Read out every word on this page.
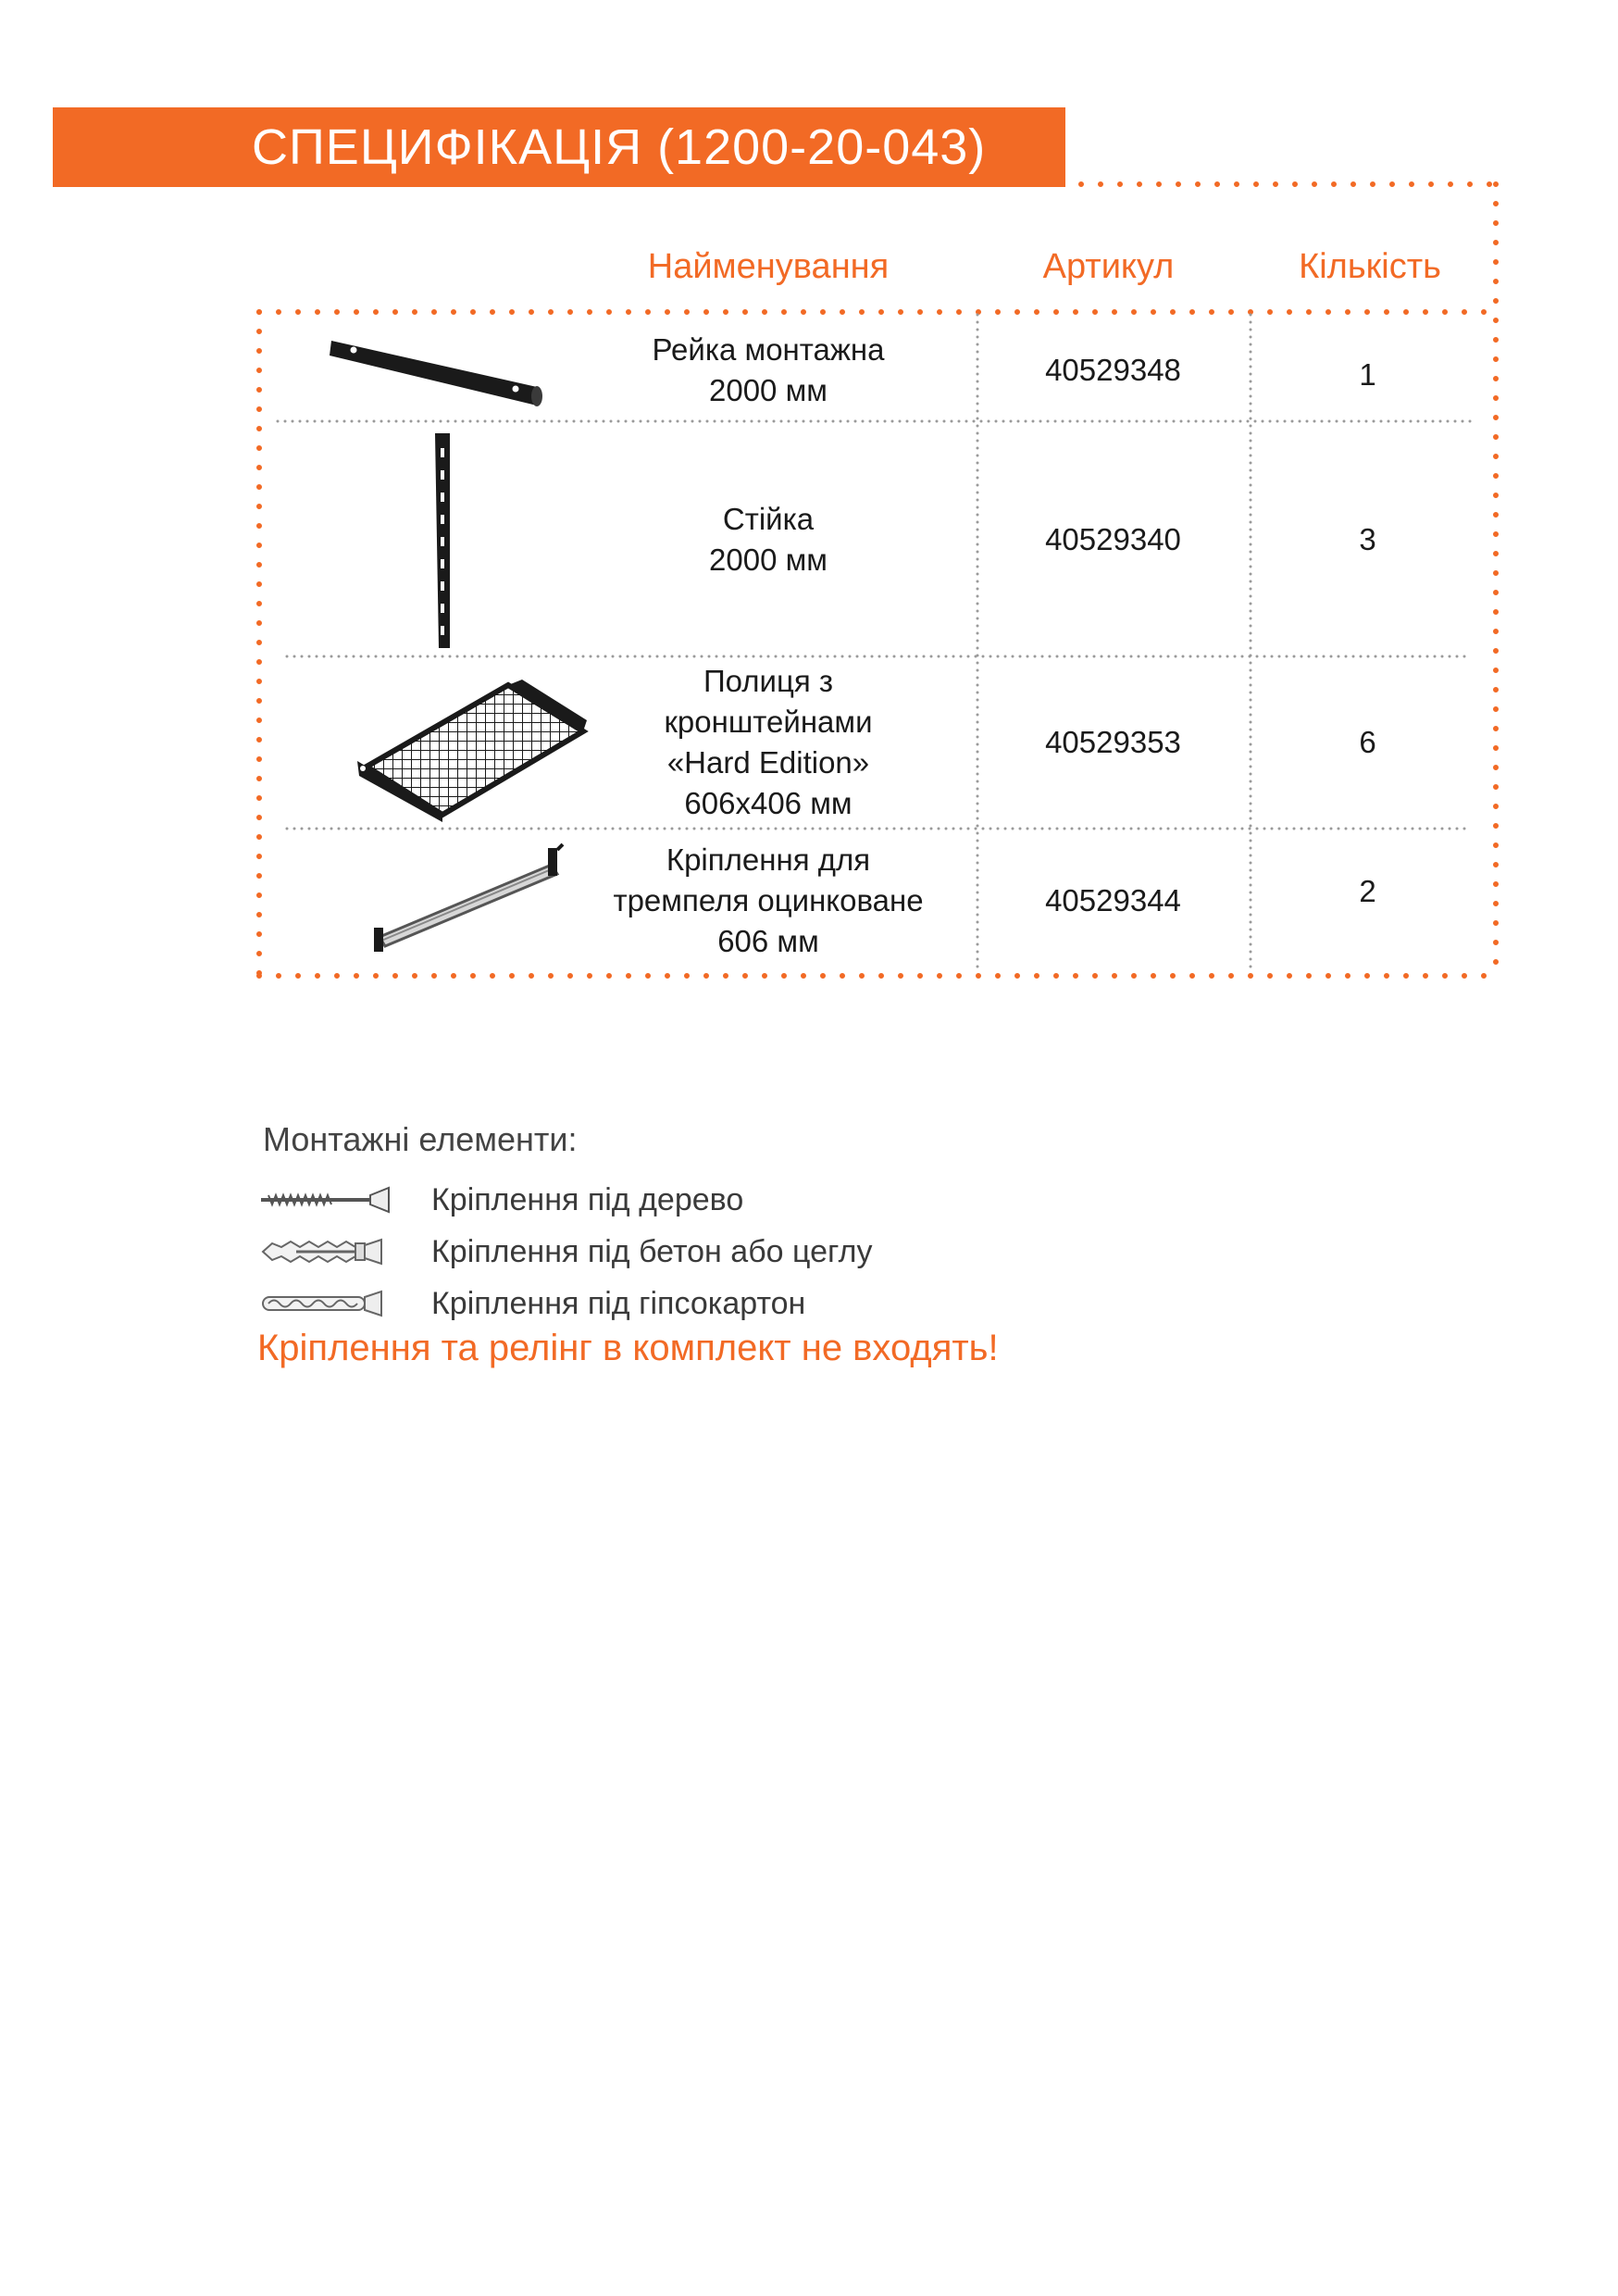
СПЕЦИФІКАЦІЯ (1200-20-043)
Найменування	Артикул	Кількість
Рейка монтажна
2000 мм
40529348	1
Стійка
2000 мм
40529340	3
Полиця з
кронштейнами
«Hard Edition»
606x406 мм
40529353	6
Кріплення для
тремпеля оцинковане
606 мм
40529344	2
Монтажні елементи:
Кріплення під дерево
Кріплення під бетон або цеглу
Кріплення під гіпсокартон
Кріплення та релінг в комплект не входять!
